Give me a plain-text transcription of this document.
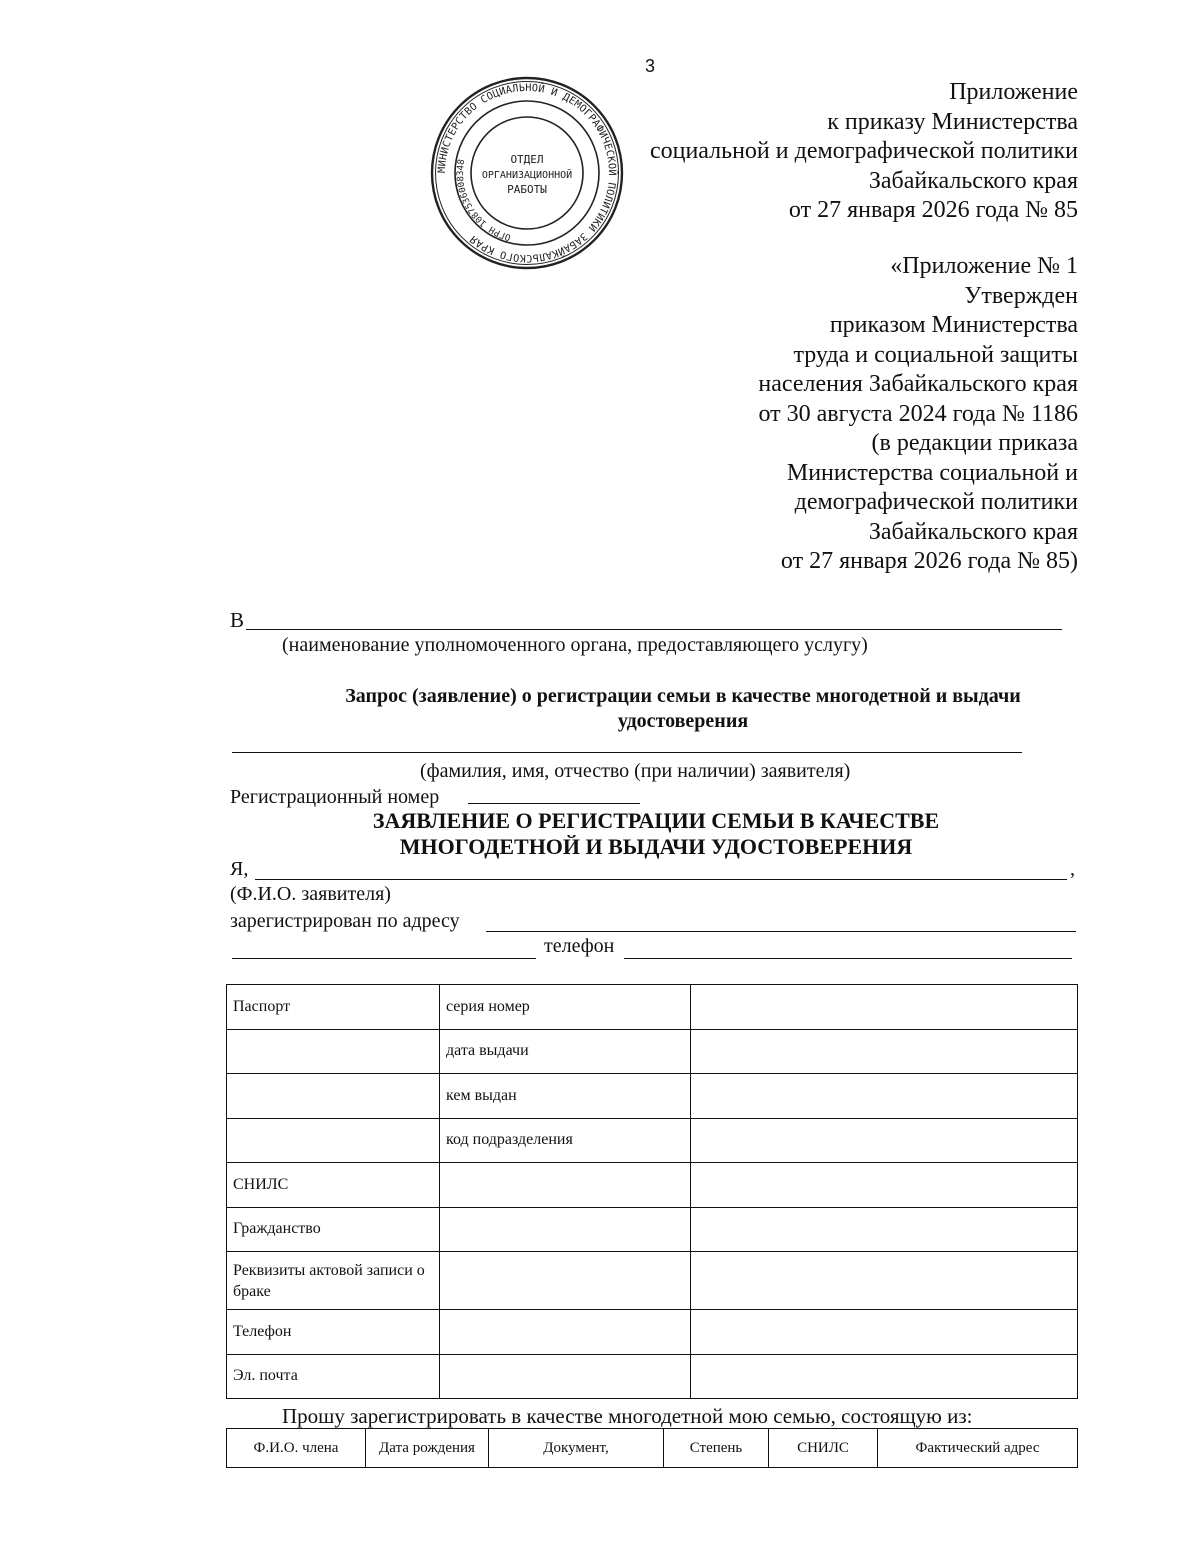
3
МИНИСТЕРСТВО СОЦИАЛЬНОЙ И ДЕМОГРАФИЧЕСКОЙ ПОЛИТИКИ ЗАБАЙКАЛЬСКОГО КРАЯ	ОГРН 1087536008348	ОТДЕЛ
ОРГАНИЗАЦИОННОЙ
РАБОТЫ
Приложение
к приказу Министерства
социальной и демографической политики
Забайкальского края
от 27 января 2026 года № 85
«Приложение № 1
Утвержден
приказом Министерства
труда и социальной защиты
населения Забайкальского края
от 30 августа 2024 года № 1186
(в редакции приказа
Министерства социальной и
демографической политики
Забайкальского края
от 27 января 2026 года № 85)
В
(наименование уполномоченного органа, предоставляющего услугу)
Запрос (заявление) о регистрации семьи в качестве многодетной и выдачи
удостоверения
(фамилия, имя, отчество (при наличии) заявителя)
Регистрационный номер
ЗАЯВЛЕНИЕ О РЕГИСТРАЦИИ СЕМЬИ В КАЧЕСТВЕ
МНОГОДЕТНОЙ И ВЫДАЧИ УДОСТОВЕРЕНИЯ
Я,	,
(Ф.И.О. заявителя)
зарегистрирован по адресу
телефон
Паспорт	серия номер	
	дата выдачи	
	кем выдан	
	код подразделения	
СНИЛС		
Гражданство		
Реквизиты актовой записи о браке		
Телефон		
Эл. почта		
Прошу зарегистрировать в качестве многодетной мою семью, состоящую из:
Ф.И.О. члена	Дата рождения	Документ,	Степень	СНИЛС	Фактический адрес
